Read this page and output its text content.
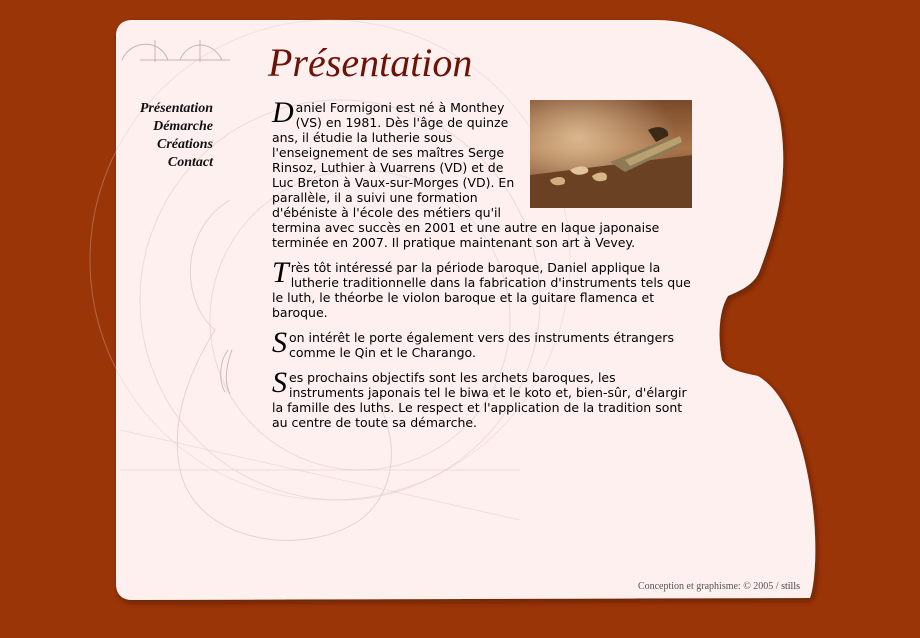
Présentation
Présentation
Démarche
Créations
Contact

Daniel Formigoni est né à Monthey (VS) en 1981. Dès l'âge de quinze ans, il étudie la lutherie sous l'enseignement de ses maîtres Serge Rinsoz, Luthier à Vuarrens (VD) et de Luc Breton à Vaux-sur-Morges (VD). En parallèle, il a suivi une formation d'ébéniste à l'école des métiers qu'il termina avec succès en 2001 et une autre en laque japonaise terminée en 2007. Il pratique maintenant son art à Vevey.

Très tôt intéressé par la période baroque, Daniel applique la lutherie traditionnelle dans la fabrication d'instruments tels que le luth, le théorbe le violon baroque et la guitare flamenca et baroque.

Son intérêt le porte également vers des instruments étrangers comme le Qin et le Charango.

Ses prochains objectifs sont les archets baroques, les instruments japonais tel le biwa et le koto et, bien-sûr, d'élargir la famille des luths. Le respect et l'application de la tradition sont au centre de toute sa démarche.

Conception et graphisme: © 2005 / stills
